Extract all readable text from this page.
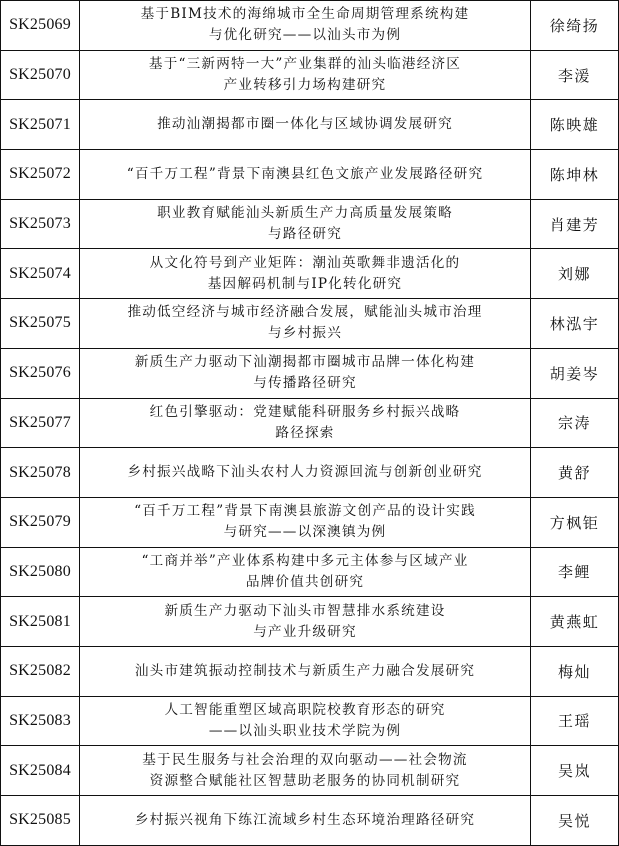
SK25069	基于BIM技术的海绵城市全生命周期管理系统构建
与优化研究——以汕头市为例	徐绮扬
SK25070	基于“三新两特一大”产业集群的汕头临港经济区
产业转移引力场构建研究	李湲
SK25071	推动汕潮揭都市圈一体化与区域协调发展研究	陈映雄
SK25072	“百千万工程”背景下南澳县红色文旅产业发展路径研究	陈坤林
SK25073	职业教育赋能汕头新质生产力高质量发展策略
与路径研究	肖建芳
SK25074	从文化符号到产业矩阵：潮汕英歌舞非遗活化的
基因解码机制与IP化转化研究	刘娜
SK25075	推动低空经济与城市经济融合发展，赋能汕头城市治理
与乡村振兴	林泓宇
SK25076	新质生产力驱动下汕潮揭都市圈城市品牌一体化构建
与传播路径研究	胡姜岑
SK25077	红色引擎驱动：党建赋能科研服务乡村振兴战略
路径探索	宗涛
SK25078	乡村振兴战略下汕头农村人力资源回流与创新创业研究	黄舒
SK25079	“百千万工程”背景下南澳县旅游文创产品的设计实践
与研究——以深澳镇为例	方枫钜
SK25080	“工商并举”产业体系构建中多元主体参与区域产业
品牌价值共创研究	李鲤
SK25081	新质生产力驱动下汕头市智慧排水系统建设
与产业升级研究	黄燕虹
SK25082	汕头市建筑振动控制技术与新质生产力融合发展研究	梅灿
SK25083	人工智能重塑区域高职院校教育形态的研究
——以汕头职业技术学院为例	王瑶
SK25084	基于民生服务与社会治理的双向驱动——社会物流
资源整合赋能社区智慧助老服务的协同机制研究	吴岚
SK25085	乡村振兴视角下练江流域乡村生态环境治理路径研究	吴悦
